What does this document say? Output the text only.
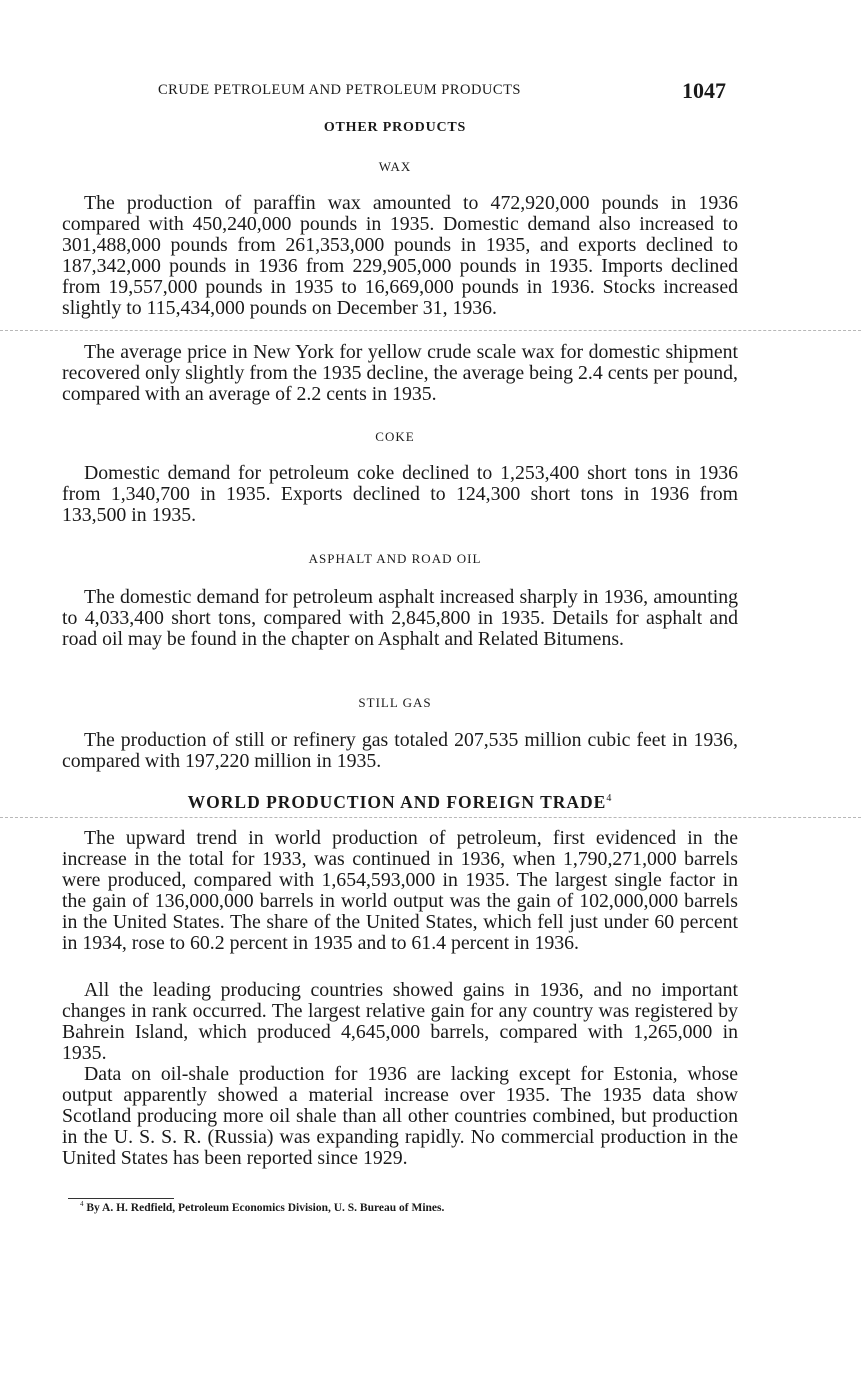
CRUDE PETROLEUM AND PETROLEUM PRODUCTS	1047
OTHER PRODUCTS
WAX

The production of paraffin wax amounted to 472,920,000 pounds in 1936 compared with 450,240,000 pounds in 1935. Domestic demand also increased to 301,488,000 pounds from 261,353,000 pounds in 1935, and exports declined to 187,342,000 pounds in 1936 from 229,905,000 pounds in 1935. Imports declined from 19,557,000 pounds in 1935 to 16,669,000 pounds in 1936. Stocks increased slightly to 115,434,000 pounds on December 31, 1936.

The average price in New York for yellow crude scale wax for domestic shipment recovered only slightly from the 1935 decline, the average being 2.4 cents per pound, compared with an average of 2.2 cents in 1935.

COKE

Domestic demand for petroleum coke declined to 1,253,400 short tons in 1936 from 1,340,700 in 1935. Exports declined to 124,300 short tons in 1936 from 133,500 in 1935.

ASPHALT AND ROAD OIL

The domestic demand for petroleum asphalt increased sharply in 1936, amounting to 4,033,400 short tons, compared with 2,845,800 in 1935. Details for asphalt and road oil may be found in the chapter on Asphalt and Related Bitumens.

STILL GAS

The production of still or refinery gas totaled 207,535 million cubic feet in 1936, compared with 197,220 million in 1935.

WORLD PRODUCTION AND FOREIGN TRADE$^4$

The upward trend in world production of petroleum, first evidenced in the increase in the total for 1933, was continued in 1936, when 1,790,271,000 barrels were produced, compared with 1,654,593,000 in 1935. The largest single factor in the gain of 136,000,000 barrels in world output was the gain of 102,000,000 barrels in the United States. The share of the United States, which fell just under 60 percent in 1934, rose to 60.2 percent in 1935 and to 61.4 percent in 1936.

All the leading producing countries showed gains in 1936, and no important changes in rank occurred. The largest relative gain for any country was registered by Bahrein Island, which produced 4,645,000 barrels, compared with 1,265,000 in 1935.

Data on oil-shale production for 1936 are lacking except for Estonia, whose output apparently showed a material increase over 1935. The 1935 data show Scotland producing more oil shale than all other countries combined, but production in the U. S. S. R. (Russia) was expanding rapidly. No commercial production in the United States has been reported since 1929.

$^4$ By A. H. Redfield, Petroleum Economics Division, U. S. Bureau of Mines.
